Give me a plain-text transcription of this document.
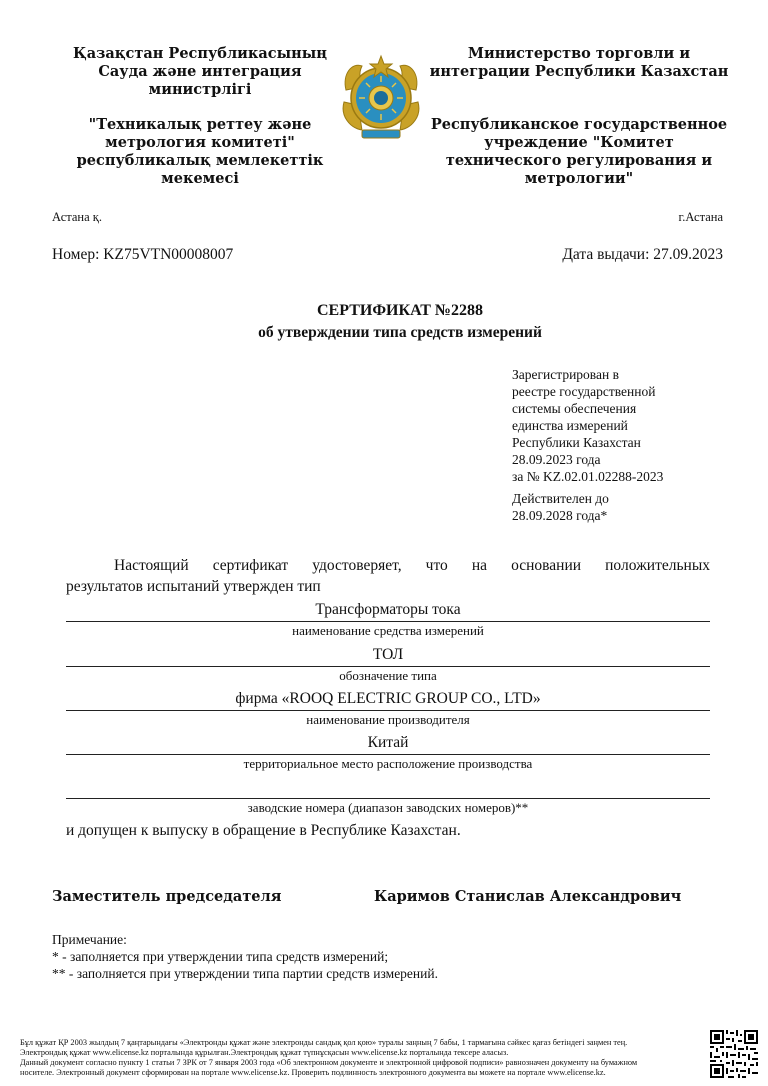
Қазақстан Республикасының
Сауда және интеграция
министрлігі
"Техникалық реттеу және
метрология комитеті"
республикалық мемлекеттік
мекемесі
Министерство торговли и
интеграции Республики Казахстан
Республиканское государственное
учреждение "Комитет
технического регулирования и
метрологии"
Астана қ.	г.Астана
Номер: KZ75VTN00008007	Дата выдачи: 27.09.2023
СЕРТИФИКАТ №2288
об утверждении типа средств измерений
Зарегистрирован в
реестре государственной
системы обеспечения
единства измерений
Республики Казахстан
28.09.2023 года
за № KZ.02.01.02288-2023
Действителен до
28.09.2028 года*
Настоящий сертификат удостоверяет, что на основании положительных
результатов испытаний утвержден тип
Трансформаторы тока
наименование средства измерений
ТОЛ
обозначение типа
фирма «ROOQ ELECTRIC GROUP CO., LTD»
наименование производителя
Китай
территориальное место расположение производства
заводские номера (диапазон заводских номеров)**
и допущен к выпуску в обращение в Республике Казахстан.
Заместитель председателя	Каримов Станислав Александрович
Примечание:
* - заполняется при утверждении типа средств измерений;
** - заполняется при утверждении типа партии средств измерений.
Бұл құжат ҚР 2003 жылдың 7 қаңтарындағы «Электронды құжат және электронды сандық қол қою» туралы заңның 7 бабы, 1 тармағына сәйкес қағаз бетіндегі заңмен тең.
Электрондық құжат www.elicense.kz порталында құрылған.Электрондық құжат түпнұсқасын www.elicense.kz порталында тексере аласыз.
Данный документ согласно пункту 1 статьи 7 ЗРК от 7 января 2003 года «Об электронном документе и электронной цифровой подписи» равнозначен документу на бумажном
носителе. Электронный документ сформирован на портале www.elicense.kz. Проверить подлинность электронного документа вы можете на портале www.elicense.kz.
